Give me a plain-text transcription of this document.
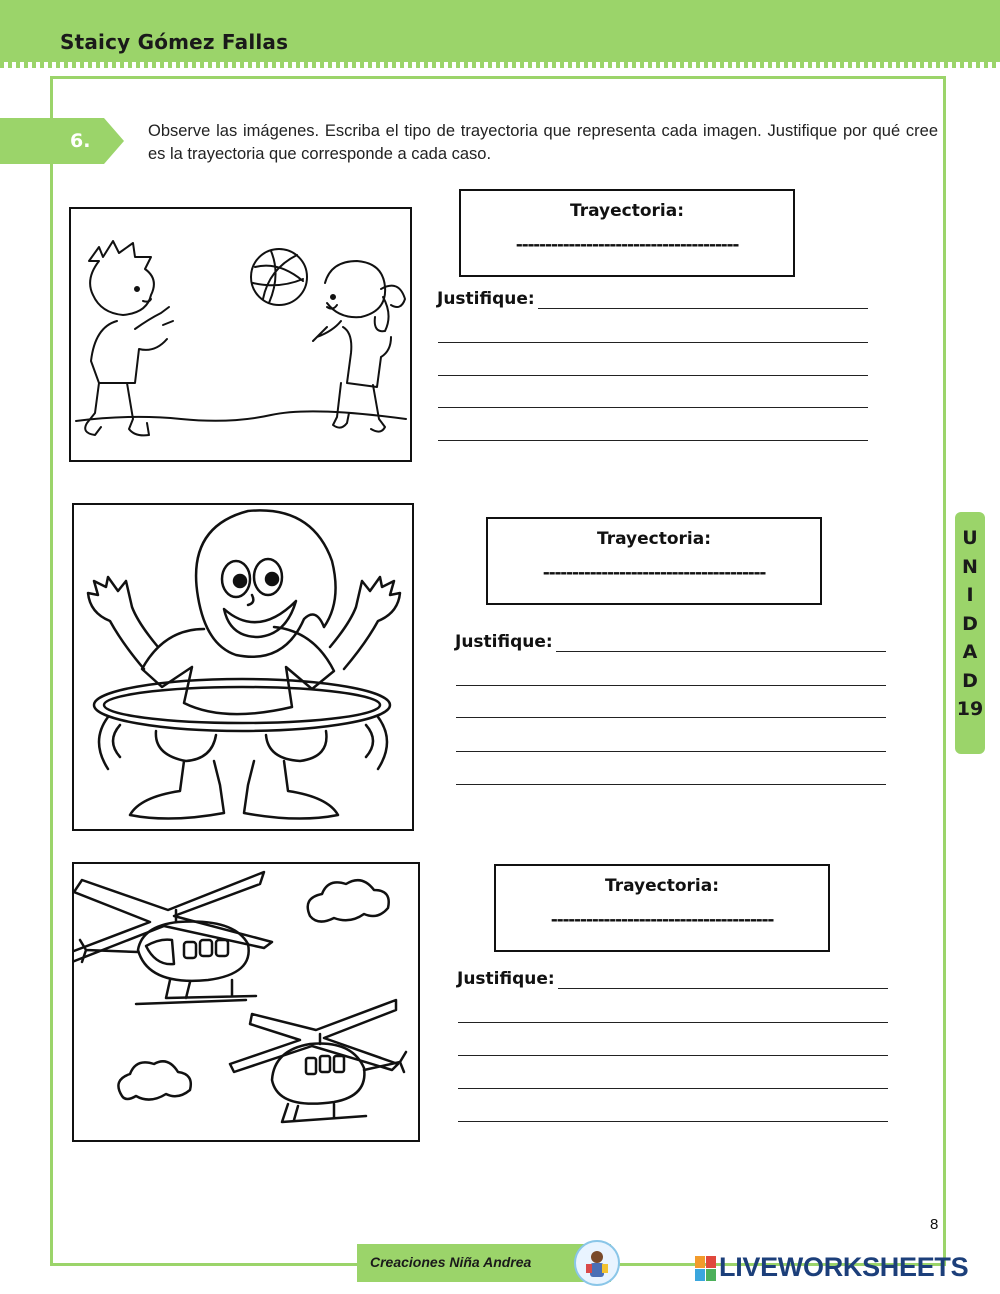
Staicy Gómez Fallas
6.	Observe las imágenes. Escriba el tipo de trayectoria que representa cada imagen. Justifique por qué cree es la trayectoria que corresponde a cada caso.
Trayectoria:
--------------------------------------
Justifique:
Trayectoria:
--------------------------------------
Justifique:
Trayectoria:
--------------------------------------
Justifique:
U
N
I
D
A
D
19
8
Creaciones Niña Andrea	LIVEWORKSHEETS
